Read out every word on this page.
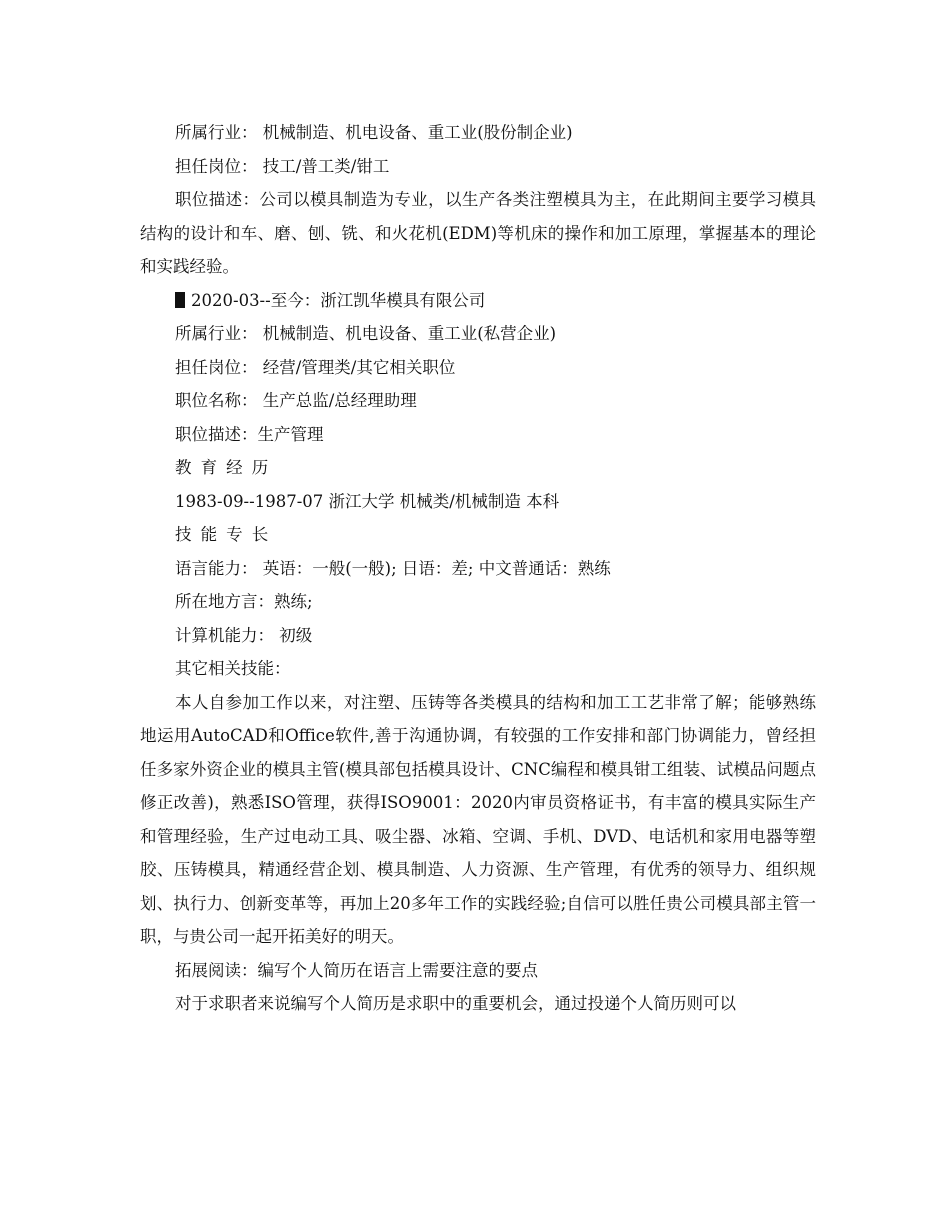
所属行业： 机械制造、机电设备、重工业(股份制企业)

担任岗位： 技工/普工类/钳工

职位描述：公司以模具制造为专业，以生产各类注塑模具为主，在此期间主要学习模具结构的设计和车、磨、刨、铣、和火花机(EDM)等机床的操作和加工原理，掌握基本的理论和实践经验。

2020-03--至今：浙江凯华模具有限公司

所属行业： 机械制造、机电设备、重工业(私营企业)

担任岗位： 经营/管理类/其它相关职位

职位名称： 生产总监/总经理助理

职位描述：生产管理

教育经历

1983-09--1987-07 浙江大学 机械类/机械制造 本科

技能专长

语言能力： 英语：一般(一般); 日语：差; 中文普通话：熟练

所在地方言：熟练;

计算机能力： 初级

其它相关技能：

本人自参加工作以来，对注塑、压铸等各类模具的结构和加工工艺非常了解；能够熟练地运用AutoCAD和Office软件,善于沟通协调，有较强的工作安排和部门协调能力，曾经担任多家外资企业的模具主管(模具部包括模具设计、CNC编程和模具钳工组装、试模品问题点修正改善)，熟悉ISO管理，获得ISO9001：2020内审员资格证书，有丰富的模具实际生产和管理经验，生产过电动工具、吸尘器、冰箱、空调、手机、DVD、电话机和家用电器等塑胶、压铸模具，精通经营企划、模具制造、人力资源、生产管理，有优秀的领导力、组织规划、执行力、创新变革等，再加上20多年工作的实践经验;自信可以胜任贵公司模具部主管一职，与贵公司一起开拓美好的明天。

拓展阅读：编写个人简历在语言上需要注意的要点

对于求职者来说编写个人简历是求职中的重要机会，通过投递个人简历则可以
